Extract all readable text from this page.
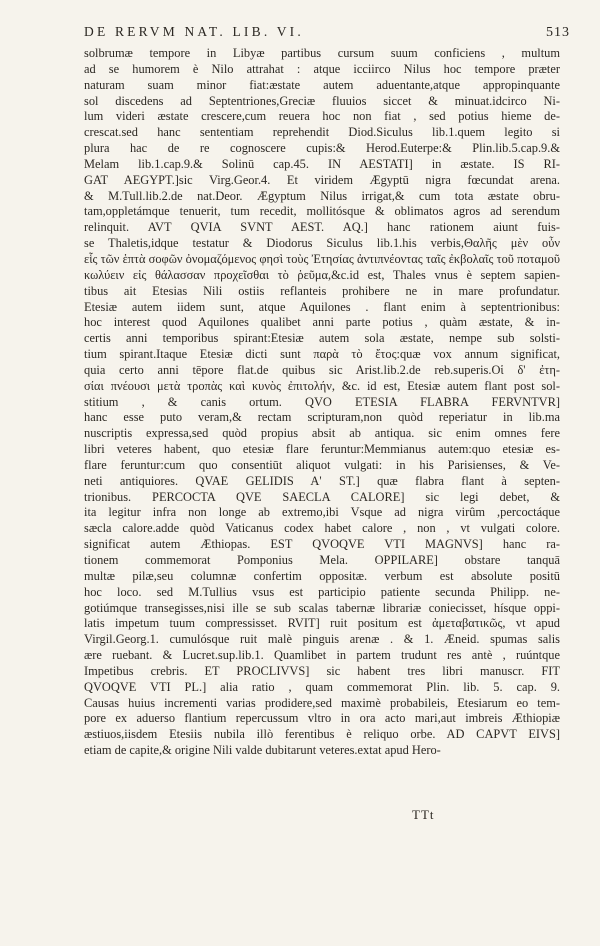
DE RERVM NAT. LIB. VI.	513
solbrumæ tempore in Libyæ partibus cursum suum conficiens , multum
ad se humorem è Nilo attrahat : atque icciirco Nilus hoc tempore præter
naturam suam minor fiat:æstate autem aduentante,atque appropinquante
sol discedens ad Septentriones,Greciæ fluuios siccet & minuat.idcirco Ni-
lum videri æstate crescere,cum reuera hoc non fiat , sed potius hieme de-
crescat.sed hanc sententiam reprehendit Diod.Siculus lib.1.quem legito si
plura hac de re cognoscere cupis:& Herod.Euterpe:& Plin.lib.5.cap.9.&
Melam lib.1.cap.9.& Solinū cap.45. IN AESTATI] in æstate. IS RI-
GAT AEGYPT.]sic Virg.Geor.4. Et viridem Ægyptū nigra fœcundat arena.
& M.Tull.lib.2.de nat.Deor. Ægyptum Nilus irrigat,& cum tota æstate obru-
tam,oppletámque tenuerit, tum recedit, mollitósque & oblimatos agros ad serendum
relinquit. AVT QVIA SVNT AEST. AQ.] hanc rationem aiunt fuis-
se Thaletis,idque testatur & Diodorus Siculus lib.1.his verbis,Θαλῆς μὲν οὖν
εἷς τῶν ἑπτὰ σοφῶν ὀνομαζόμενος φησὶ τοὺς Ἐτησίας ἀντιπνέοντας ταῖς ἐκβολαῖς τοῦ ποταμοῦ
κωλύειν εἰς θάλασσαν προχεῖσθαι τὸ ῥεῦμα,&c.id est, Thales vnus è septem sapien-
tibus ait Etesias Nili ostiis reflanteis prohibere ne in mare profundatur.
Etesiæ autem iidem sunt, atque Aquilones . flant enim à septentrionibus:
hoc interest quod Aquilones qualibet anni parte potius , quàm æstate, & in-
certis anni temporibus spirant:Etesiæ autem sola æstate, nempe sub solsti-
tium spirant.Itaque Etesiæ dicti sunt παρὰ τὸ ἔτος:quæ vox annum significat,
quia certo anni tēpore flat.de quibus sic Arist.lib.2.de reb.superis.Οἱ δ' ἐτη-
σίαι πνέουσι μετὰ τροπὰς καὶ κυνὸς ἐπιτολήν, &c. id est, Etesiæ autem flant post sol-
stitium , & canis ortum. QVO ETESIA FLABRA FERVNTVR]
hanc esse puto veram,& rectam scripturam,non quòd reperiatur in lib.ma
nuscriptis expressa,sed quòd propius absit ab antiqua. sic enim omnes fere
libri veteres habent, quo etesiæ flare feruntur:Memmianus autem:quo etesiæ es-
flare feruntur:cum quo consentiūt aliquot vulgati: in his Parisienses, & Ve-
neti antiquiores. QVAE GELIDIS A' ST.] quæ flabra flant à septen-
trionibus. PERCOCTA QVE SAECLA CALORE] sic legi debet, &
ita legitur infra non longe ab extremo,ibi Vsque ad nigra virûm ,percoctáque
sæcla calore.adde quòd Vaticanus codex habet calore , non , vt vulgati colore.
significat autem Æthiopas. EST QVOQVE VTI MAGNVS] hanc ra-
tionem commemorat Pomponius Mela. OPPILARE] obstare tanquā
multæ pilæ,seu columnæ confertim oppositæ. verbum est absolute positū
hoc loco. sed M.Tullius vsus est participio patiente secunda Philipp. ne-
gotiúmque transegisses,nisi ille se sub scalas tabernæ librariæ coniecisset, hísque oppi-
latis impetum tuum compressisset. RVIT] ruit positum est ἀμεταβατικῶς, vt apud
Virgil.Georg.1. cumulósque ruit malè pinguis arenæ . & 1. Æneid. spumas salis
ære ruebant. & Lucret.sup.lib.1. Quamlibet in partem trudunt res antè , ruúntque
Impetibus crebris. ET PROCLIVVS] sic habent tres libri manuscr. FIT
QVOQVE VTI PL.] alia ratio , quam commemorat Plin. lib. 5. cap. 9.
Causas huius incrementi varias prodidere,sed maximè probabileis, Etesiarum eo tem-
pore ex aduerso flantium repercussum vltro in ora acto mari,aut imbreis Æthiopiæ
æstiuos,iisdem Etesiis nubila illò ferentibus è reliquo orbe. AD CAPVT EIVS]
etiam de capite,& origine Nili valde dubitarunt veteres.extat apud Hero-
TTt
